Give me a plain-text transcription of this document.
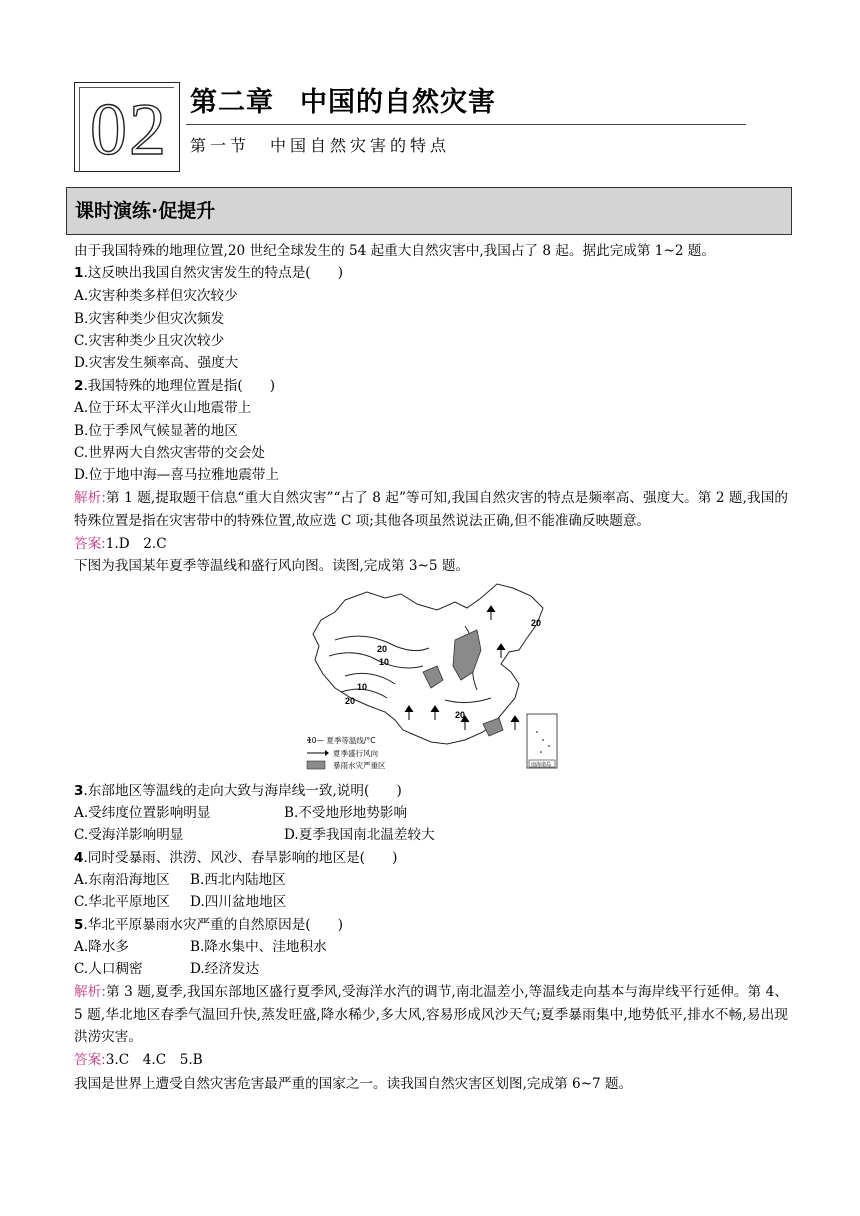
02 第二章 中国的自然灾害
第一节　中国自然灾害的特点
课时演练·促提升
由于我国特殊的地理位置,20 世纪全球发生的 54 起重大自然灾害中,我国占了 8 起。据此完成第 1~2 题。
1.这反映出我国自然灾害发生的特点是(　　)
A.灾害种类多样但灾次较少
B.灾害种类少但灾次频发
C.灾害种类少且灾次较少
D.灾害发生频率高、强度大
2.我国特殊的地理位置是指(　　)
A.位于环太平洋火山地震带上
B.位于季风气候显著的地区
C.世界两大自然灾害带的交会处
D.位于地中海—喜马拉雅地震带上
解析:第 1 题,提取题干信息“重大自然灾害”“占了 8 起”等可知,我国自然灾害的特点是频率高、强度大。第 2 题,我国的特殊位置是指在灾害带中的特殊位置,故应选 C 项;其他各项虽然说法正确,但不能准确反映题意。
答案:1.D　2.C
下图为我国某年夏季等温线和盛行风向图。读图,完成第 3~5 题。
20
20
10
10
20
20
10— 夏季等温线/°C
夏季盛行风向
暴雨水灾严重区	南海诸岛
3.东部地区等温线的走向大致与海岸线一致,说明(　　)
A.受纬度位置影响明显	B.不受地形地势影响
C.受海洋影响明显	D.夏季我国南北温差较大
4.同时受暴雨、洪涝、风沙、春旱影响的地区是(　　)
A.东南沿海地区 B.西北内陆地区
C.华北平原地区 D.四川盆地地区
5.华北平原暴雨水灾严重的自然原因是(　　)
A.降水多	B.降水集中、洼地积水
C.人口稠密	D.经济发达
解析:第 3 题,夏季,我国东部地区盛行夏季风,受海洋水汽的调节,南北温差小,等温线走向基本与海岸线平行延伸。第 4、5 题,华北地区春季气温回升快,蒸发旺盛,降水稀少,多大风,容易形成风沙天气;夏季暴雨集中,地势低平,排水不畅,易出现洪涝灾害。
答案:3.C　4.C　5.B
我国是世界上遭受自然灾害危害最严重的国家之一。读我国自然灾害区划图,完成第 6~7 题。
